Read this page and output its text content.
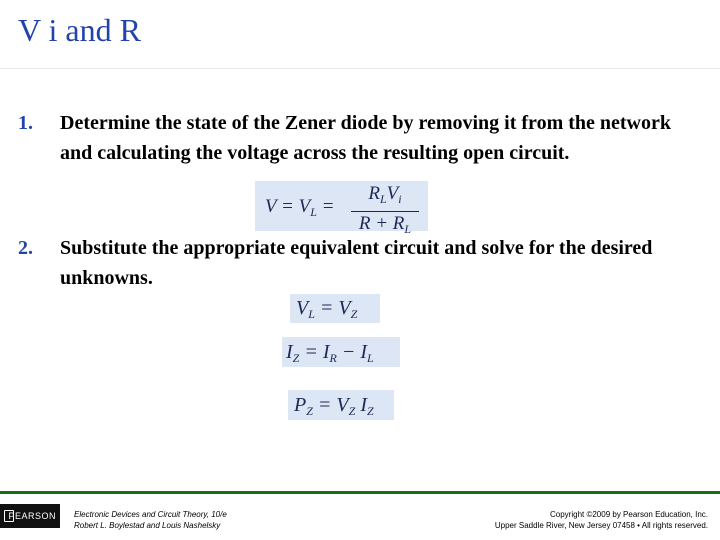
V i and R
1.	Determine the state of the Zener diode by removing it from the network and calculating the voltage across the resulting open circuit.
$V = V_L$ =
$R_LV_i$
$R + R_L$
2.	Substitute the appropriate equivalent circuit and solve for the desired unknowns.
$V_L = V_Z$
$I_Z = I_R - I_L$
$P_Z = V_Z$ $I_Z$
PEARSON Electronic Devices and Circuit Theory, 10/e
Robert L. Boylestad and Louis Nashelsky
Copyright ©2009 by Pearson Education, Inc.
Upper Saddle River, New Jersey 07458 • All rights reserved.
